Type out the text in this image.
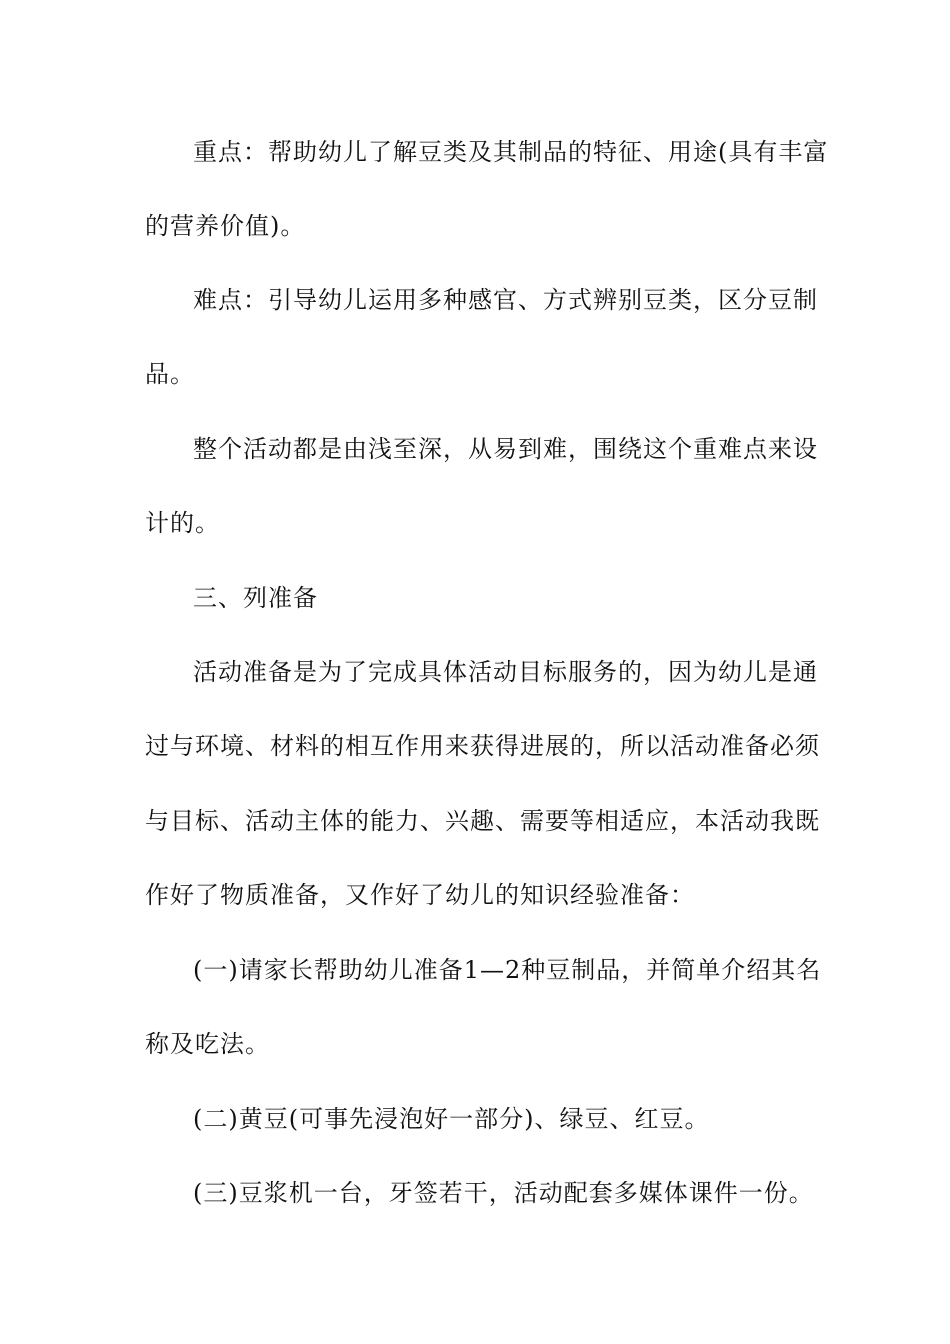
重点：帮助幼儿了解豆类及其制品的特征、用途(具有丰富
的营养价值)。
难点：引导幼儿运用多种感官、方式辨别豆类，区分豆制
品。
整个活动都是由浅至深，从易到难，围绕这个重难点来设
计的。
三、列准备
活动准备是为了完成具体活动目标服务的，因为幼儿是通
过与环境、材料的相互作用来获得进展的，所以活动准备必须
与目标、活动主体的能力、兴趣、需要等相适应，本活动我既
作好了物质准备，又作好了幼儿的知识经验准备：
(一)请家长帮助幼儿准备1—2种豆制品，并简单介绍其名
称及吃法。
(二)黄豆(可事先浸泡好一部分)、绿豆、红豆。
(三)豆浆机一台，牙签若干，活动配套多媒体课件一份。
